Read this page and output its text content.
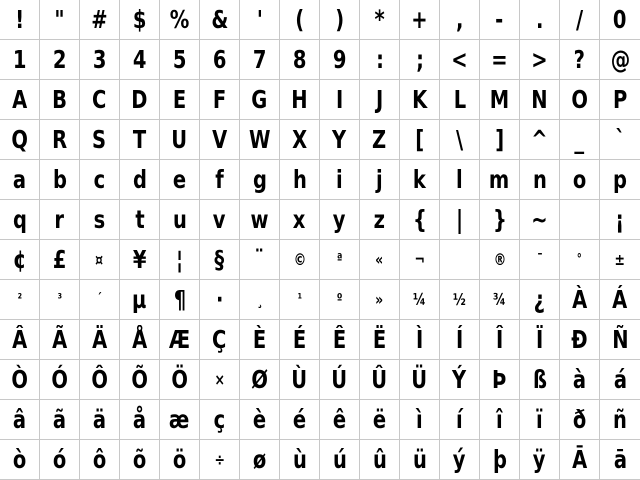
! " # $ % & ' ( ) * + , - . / 0
1 2 3 4 5 6 7 8 9 : ; < = > ? @
A B C D E F G H I J K L M N O P
Q R S T U V W X Y Z [ \ ] ^ _ `
a b c d e f g h i j k l m n o p
q r s t u v w x y z { | } ~	¡
¢ £ ¤ ¥ ¦ § ¨ © ª « ¬	® ¯	° ±
²	³	´ µ ¶ · ¸	¹	º » ¼ ½ ¾ ¿ À Á
Â Ã Ä Å Æ Ç È É Ê Ë Ì Í Î Ï Ð Ñ
Ò Ó Ô Õ Ö × Ø Ù Ú Û Ü Ý Þ ß à á
â ã ä å æ ç è é ê ë ì í î ï ð ñ
ò ó ô õ ö ÷ ø ù ú û ü ý þ ÿ Ā ā
